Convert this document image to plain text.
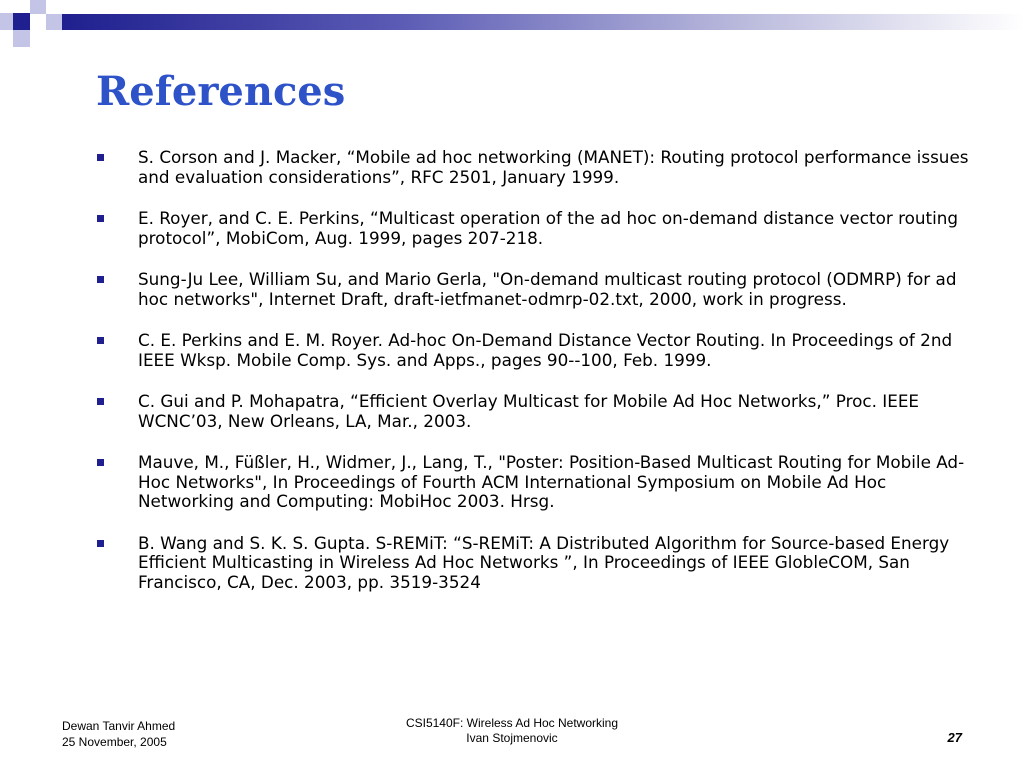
References
S. Corson and J. Macker, “Mobile ad hoc networking (MANET): Routing protocol performance issues and evaluation considerations”, RFC 2501, January 1999.
E. Royer, and C. E. Perkins, “Multicast operation of the ad hoc on-demand distance vector routing protocol”, MobiCom, Aug. 1999, pages 207-218.
Sung-Ju Lee, William Su, and Mario Gerla, "On-demand multicast routing protocol (ODMRP) for ad hoc networks", Internet Draft, draft-ietfmanet-odmrp-02.txt, 2000, work in progress.
C. E. Perkins and E. M. Royer. Ad-hoc On-Demand Distance Vector Routing. In Proceedings of 2nd IEEE Wksp. Mobile Comp. Sys. and Apps., pages 90--100, Feb. 1999.
C. Gui and P. Mohapatra, “Efficient Overlay Multicast for Mobile Ad Hoc Networks,” Proc. IEEE WCNC’03, New Orleans, LA, Mar., 2003.
Mauve, M., Füßler, H., Widmer, J., Lang, T., "Poster: Position-Based Multicast Routing for Mobile Ad-Hoc Networks", In Proceedings of Fourth ACM International Symposium on Mobile Ad Hoc Networking and Computing: MobiHoc 2003. Hrsg.
B. Wang and S. K. S. Gupta. S-REMiT: “S-REMiT: A Distributed Algorithm for Source-based Energy Efficient Multicasting in Wireless Ad Hoc Networks ”, In Proceedings of IEEE GlobleCOM, San Francisco, CA, Dec. 2003, pp. 3519-3524
Dewan Tanvir Ahmed
25 November, 2005
CSI5140F: Wireless Ad Hoc Networking
Ivan Stojmenovic	27
